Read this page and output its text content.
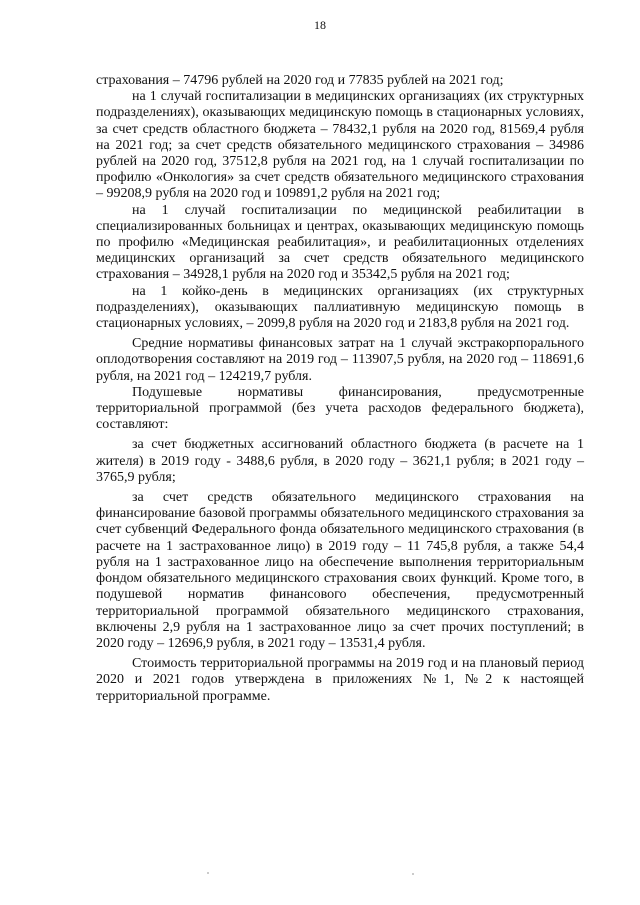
18

страхования – 74796 рублей на 2020 год и 77835 рублей на 2021 год;

на 1 случай госпитализации в медицинских организациях (их структурных подразделениях), оказывающих медицинскую помощь в стационарных условиях, за счет средств областного бюджета – 78432,1 рубля на 2020 год, 81569,4 рубля на 2021 год; за счет средств обязательного медицинского страхования – 34986 рублей на 2020 год, 37512,8 рубля на 2021 год, на 1 случай госпитализации по профилю «Онкология» за счет средств обязательного медицинского страхования – 99208,9 рубля на 2020 год и 109891,2 рубля на 2021 год;

на 1 случай госпитализации по медицинской реабилитации в специализированных больницах и центрах, оказывающих медицинскую помощь по профилю «Медицинская реабилитация», и реабилитационных отделениях медицинских организаций за счет средств обязательного медицинского страхования – 34928,1 рубля на 2020 год и 35342,5 рубля на 2021 год;

на 1 койко-день в медицинских организациях (их структурных подразделениях), оказывающих паллиативную медицинскую помощь в стационарных условиях, – 2099,8 рубля на 2020 год и 2183,8 рубля на 2021 год.

Средние нормативы финансовых затрат на 1 случай экстракорпорального оплодотворения составляют на 2019 год – 113907,5 рубля, на 2020 год – 118691,6 рубля, на 2021 год – 124219,7 рубля.

Подушевые нормативы финансирования, предусмотренные территориальной программой (без учета расходов федерального бюджета), составляют:

за счет бюджетных ассигнований областного бюджета (в расчете на 1 жителя) в 2019 году - 3488,6 рубля, в 2020 году – 3621,1 рубля; в 2021 году – 3765,9 рубля;

за счет средств обязательного медицинского страхования на финансирование базовой программы обязательного медицинского страхования за счет субвенций Федерального фонда обязательного медицинского страхования (в расчете на 1 застрахованное лицо) в 2019 году – 11 745,8 рубля, а также 54,4 рубля на 1 застрахованное лицо на обеспечение выполнения территориальным фондом обязательного медицинского страхования своих функций. Кроме того, в подушевой норматив финансового обеспечения, предусмотренный территориальной программой обязательного медицинского страхования, включены 2,9 рубля на 1 застрахованное лицо за счет прочих поступлений; в 2020 году – 12696,9 рубля, в 2021 году – 13531,4 рубля.

Стоимость территориальной программы на 2019 год и на плановый период 2020 и 2021 годов утверждена в приложениях №1, №2 к настоящей территориальной программе.
